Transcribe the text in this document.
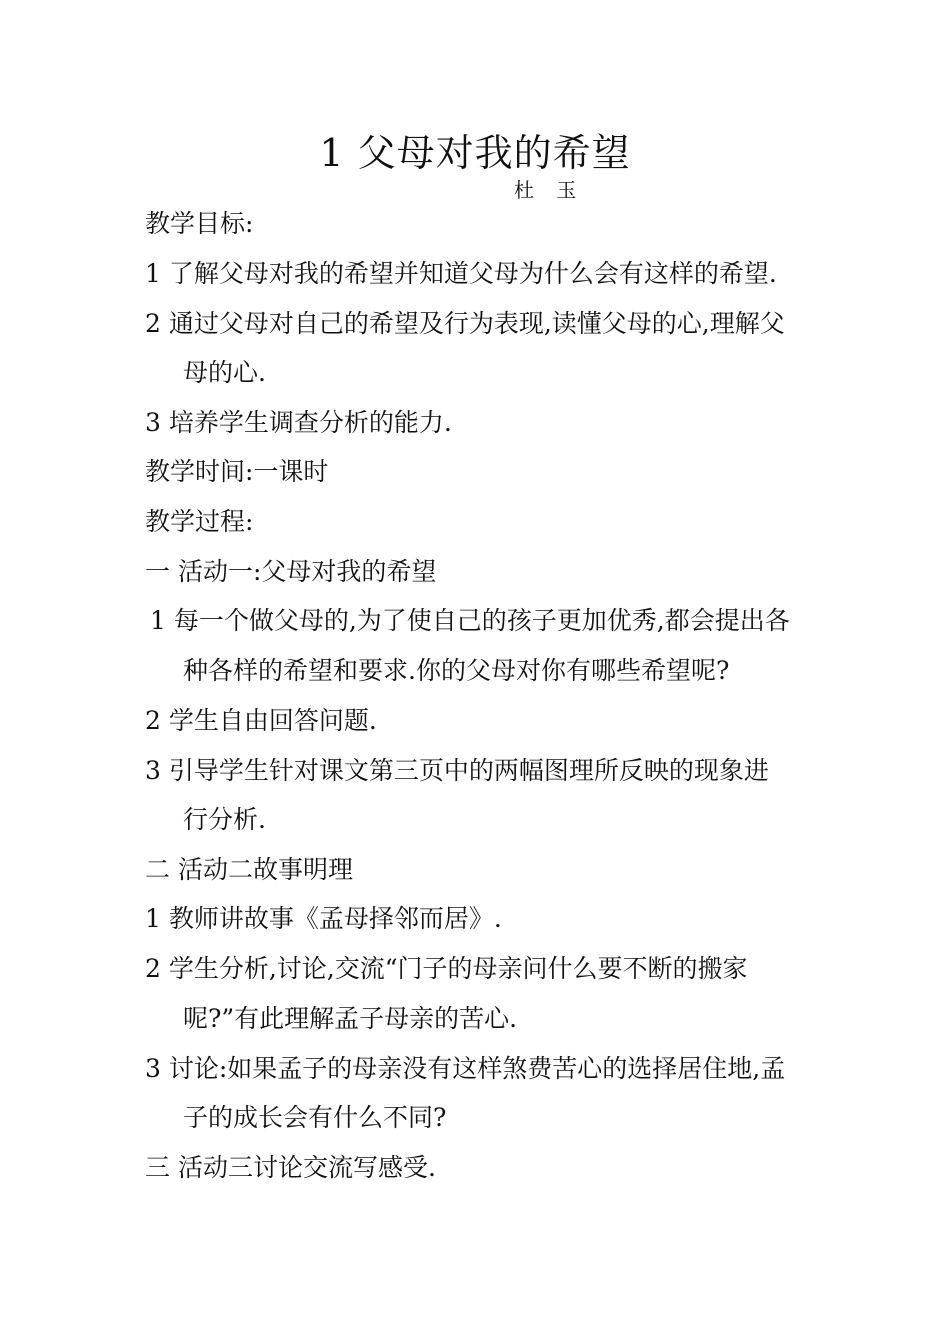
1 父母对我的希望
杜 玉
教学目标:
1 了解父母对我的希望并知道父母为什么会有这样的希望.
2 通过父母对自己的希望及行为表现,读懂父母的心,理解父
母的心.
3 培养学生调查分析的能力.
教学时间:一课时
教学过程:
一 活动一:父母对我的希望
1 每一个做父母的,为了使自己的孩子更加优秀,都会提出各
种各样的希望和要求.你的父母对你有哪些希望呢?
2 学生自由回答问题.
3 引导学生针对课文第三页中的两幅图理所反映的现象进
行分析.
二 活动二故事明理
1 教师讲故事《孟母择邻而居》.
2 学生分析,讨论,交流“门子的母亲问什么要不断的搬家
呢?”有此理解孟子母亲的苦心.
3 讨论:如果孟子的母亲没有这样煞费苦心的选择居住地,孟
子的成长会有什么不同?
三 活动三讨论交流写感受.
